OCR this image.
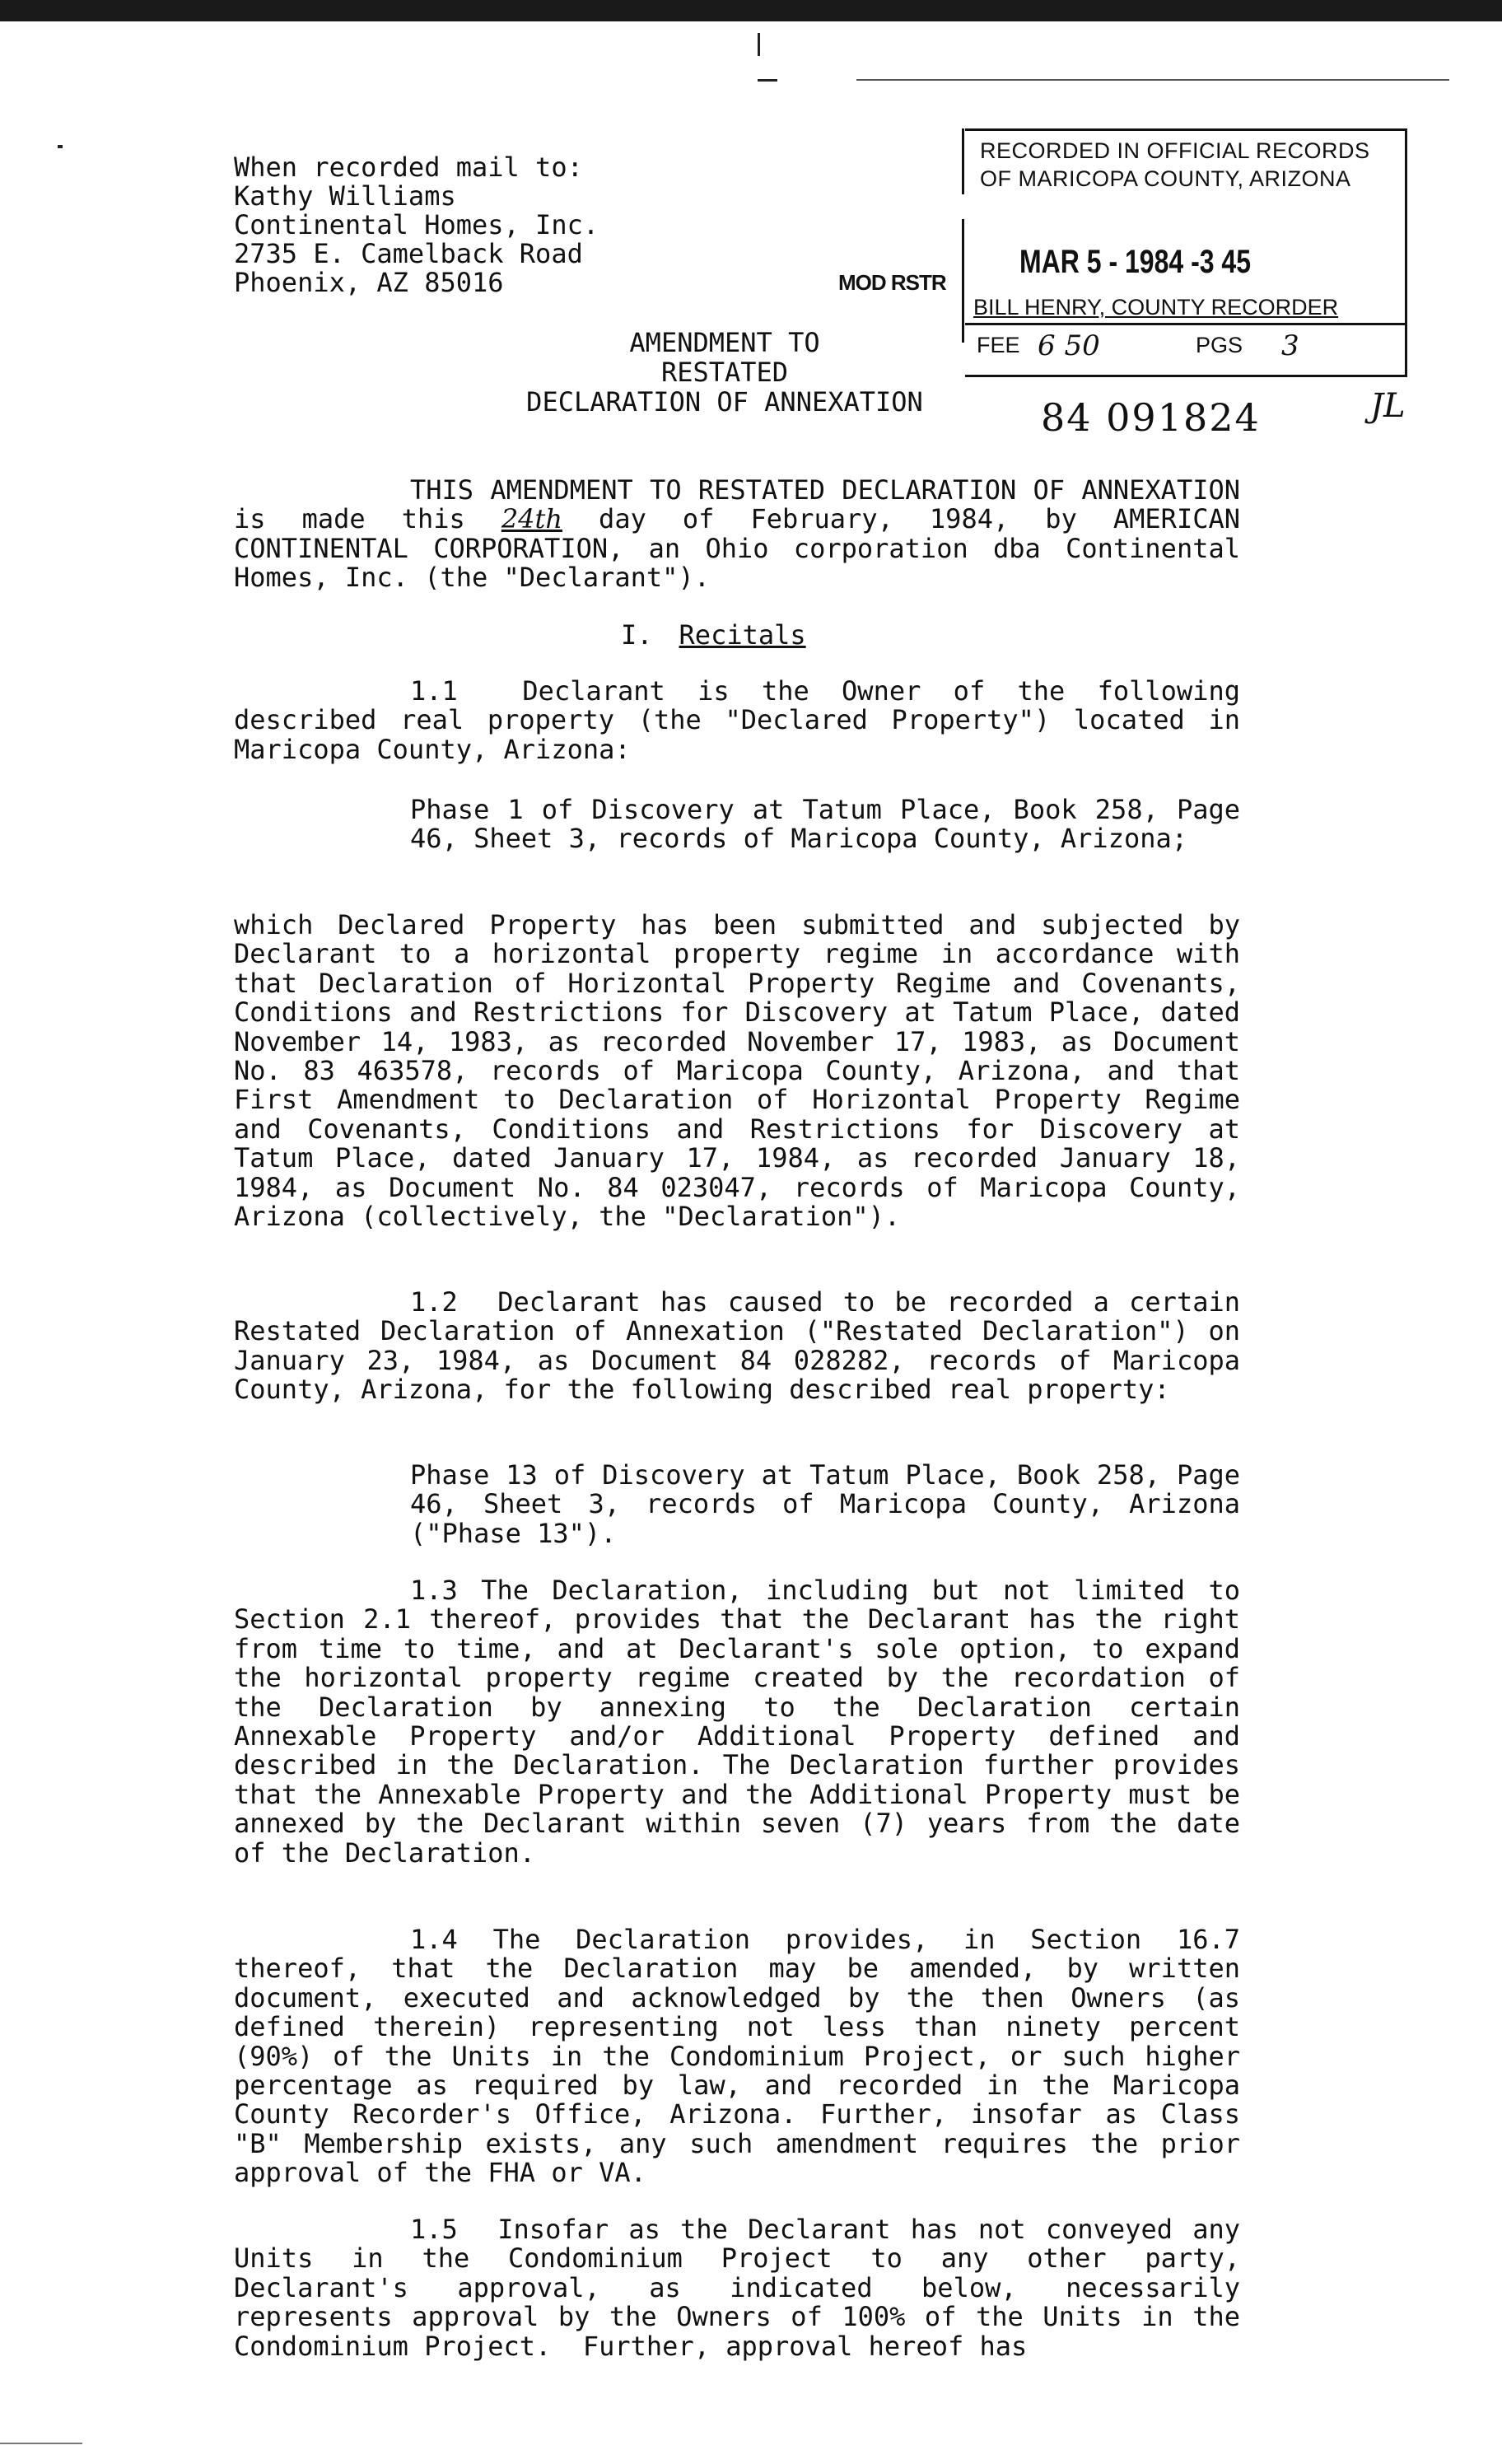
When recorded mail to:
Kathy Williams
Continental Homes, Inc.
2735 E. Camelback Road
Phoenix, AZ 85016	MOD RSTR
RECORDED IN OFFICIAL RECORDS
OF MARICOPA COUNTY, ARIZONA
MAR 5 - 1984 -3 45
BILL HENRY, COUNTY RECORDER
FEE 6 50	PGS 3
84 091824	JL
AMENDMENT TO
RESTATED
DECLARATION OF ANNEXATION
THIS AMENDMENT TO RESTATED DECLARATION OF ANNEXATION is made this 24th day of February, 1984, by AMERICAN CONTINENTAL CORPORATION, an Ohio corporation dba Continental Homes, Inc. (the "Declarant").
I. Recitals
1.1  Declarant is the Owner of the following described real property (the "Declared Property") located in Maricopa County, Arizona:
Phase 1 of Discovery at Tatum Place, Book 258, Page 46, Sheet 3, records of Maricopa County, Arizona;
which Declared Property has been submitted and subjected by Declarant to a horizontal property regime in accordance with that Declaration of Horizontal Property Regime and Covenants, Conditions and Restrictions for Discovery at Tatum Place, dated November 14, 1983, as recorded November 17, 1983, as Document No. 83 463578, records of Maricopa County, Arizona, and that First Amendment to Declaration of Horizontal Property Regime and Covenants, Conditions and Restrictions for Discovery at Tatum Place, dated January 17, 1984, as recorded January 18, 1984, as Document No. 84 023047, records of Maricopa County, Arizona (collectively, the "Declaration").
1.2  Declarant has caused to be recorded a certain Restated Declaration of Annexation ("Restated Declaration") on January 23, 1984, as Document 84 028282, records of Maricopa County, Arizona, for the following described real property:
Phase 13 of Discovery at Tatum Place, Book 258, Page 46, Sheet 3, records of Maricopa County, Arizona ("Phase 13").
1.3 The Declaration, including but not limited to Section 2.1 thereof, provides that the Declarant has the right from time to time, and at Declarant's sole option, to expand the horizontal property regime created by the recordation of the Declaration by annexing to the Declaration certain Annexable Property and/or Additional Property defined and described in the Declaration. The Declaration further provides that the Annexable Property and the Additional Property must be annexed by the Declarant within seven (7) years from the date of the Declaration.
1.4 The Declaration provides, in Section 16.7 thereof, that the Declaration may be amended, by written document, executed and acknowledged by the then Owners (as defined therein) representing not less than ninety percent (90%) of the Units in the Condominium Project, or such higher percentage as required by law, and recorded in the Maricopa County Recorder's Office, Arizona. Further, insofar as Class "B" Membership exists, any such amendment requires the prior approval of the FHA or VA.
1.5  Insofar as the Declarant has not conveyed any Units in the Condominium Project to any other party, Declarant's approval, as indicated below, necessarily represents approval by the Owners of 100% of the Units in the Condominium Project.  Further, approval hereof has
